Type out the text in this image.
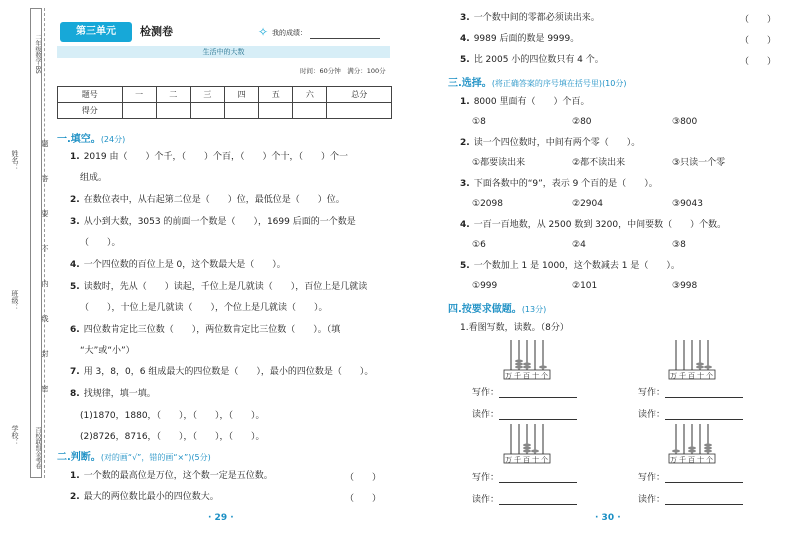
二年级数学·BS
百校联盟金考卷
姓名：
班级：
学校：
题
答
要
不
内
线
封
密
第三单元	检测卷	✧ 我的成绩：
生活中的大数
时间：60分钟　满分：100分
题号	一	二	三	四	五	六	总分
得分							
一.填空。(24分)
1. 2019 由（　　）个千，（　　）个百，（　　）个十，（　　）个一
组成。
2. 在数位表中，从右起第二位是（　　）位，最低位是（　　）位。
3. 从小到大数，3053 的前面一个数是（　　），1699 后面的一个数是
（　　）。
4. 一个四位数的百位上是 0，这个数最大是（　　）。
5. 读数时，先从（　　）读起，千位上是几就读（　　），百位上是几就读
（　　），十位上是几就读（　　），个位上是几就读（　　）。
6. 四位数肯定比三位数（　　），两位数肯定比三位数（　　）。（填
“大”或“小”）
7. 用 3，8，0，6 组成最大的四位数是（　　），最小的四位数是（　　）。
8. 找规律，填一填。
(1)1870，1880，（　　），（　　），（　　）。
(2)8726，8716，（　　），（　　），（　　）。
二.判断。(对的画“√”，错的画“×”)(5分)
1. 一个数的最高位是万位，这个数一定是五位数。	（　　）
2. 最大的两位数比最小的四位数大。	（　　）
· 29 ·
3. 一个数中间的零都必须读出来。	（　　）
4. 9989 后面的数是 9999。	（　　）
5. 比 2005 小的四位数只有 4 个。	（　　）
三.选择。(将正确答案的序号填在括号里)(10分)
1. 8000 里面有（　　）个百。
①8	②80	③800
2. 读一个四位数时，中间有两个零（　　）。
①都要读出来	②都不读出来	③只读一个零
3. 下面各数中的“9”，表示 9 个百的是（　　）。
①2098	②2904	③9043
4. 一百一百地数，从 2500 数到 3200，中间要数（　　）个数。
①6	②4	③8
5. 一个数加上 1 是 1000，这个数减去 1 是（　　）。
①999	②101	③998
四.按要求做题。(13分)
1.看图写数，读数。（8分）
万千百十个
写作：
读作：
万千百十个
写作：
读作：
万千百十个
写作：
读作：
万千百十个
写作：
读作：
· 30 ·
